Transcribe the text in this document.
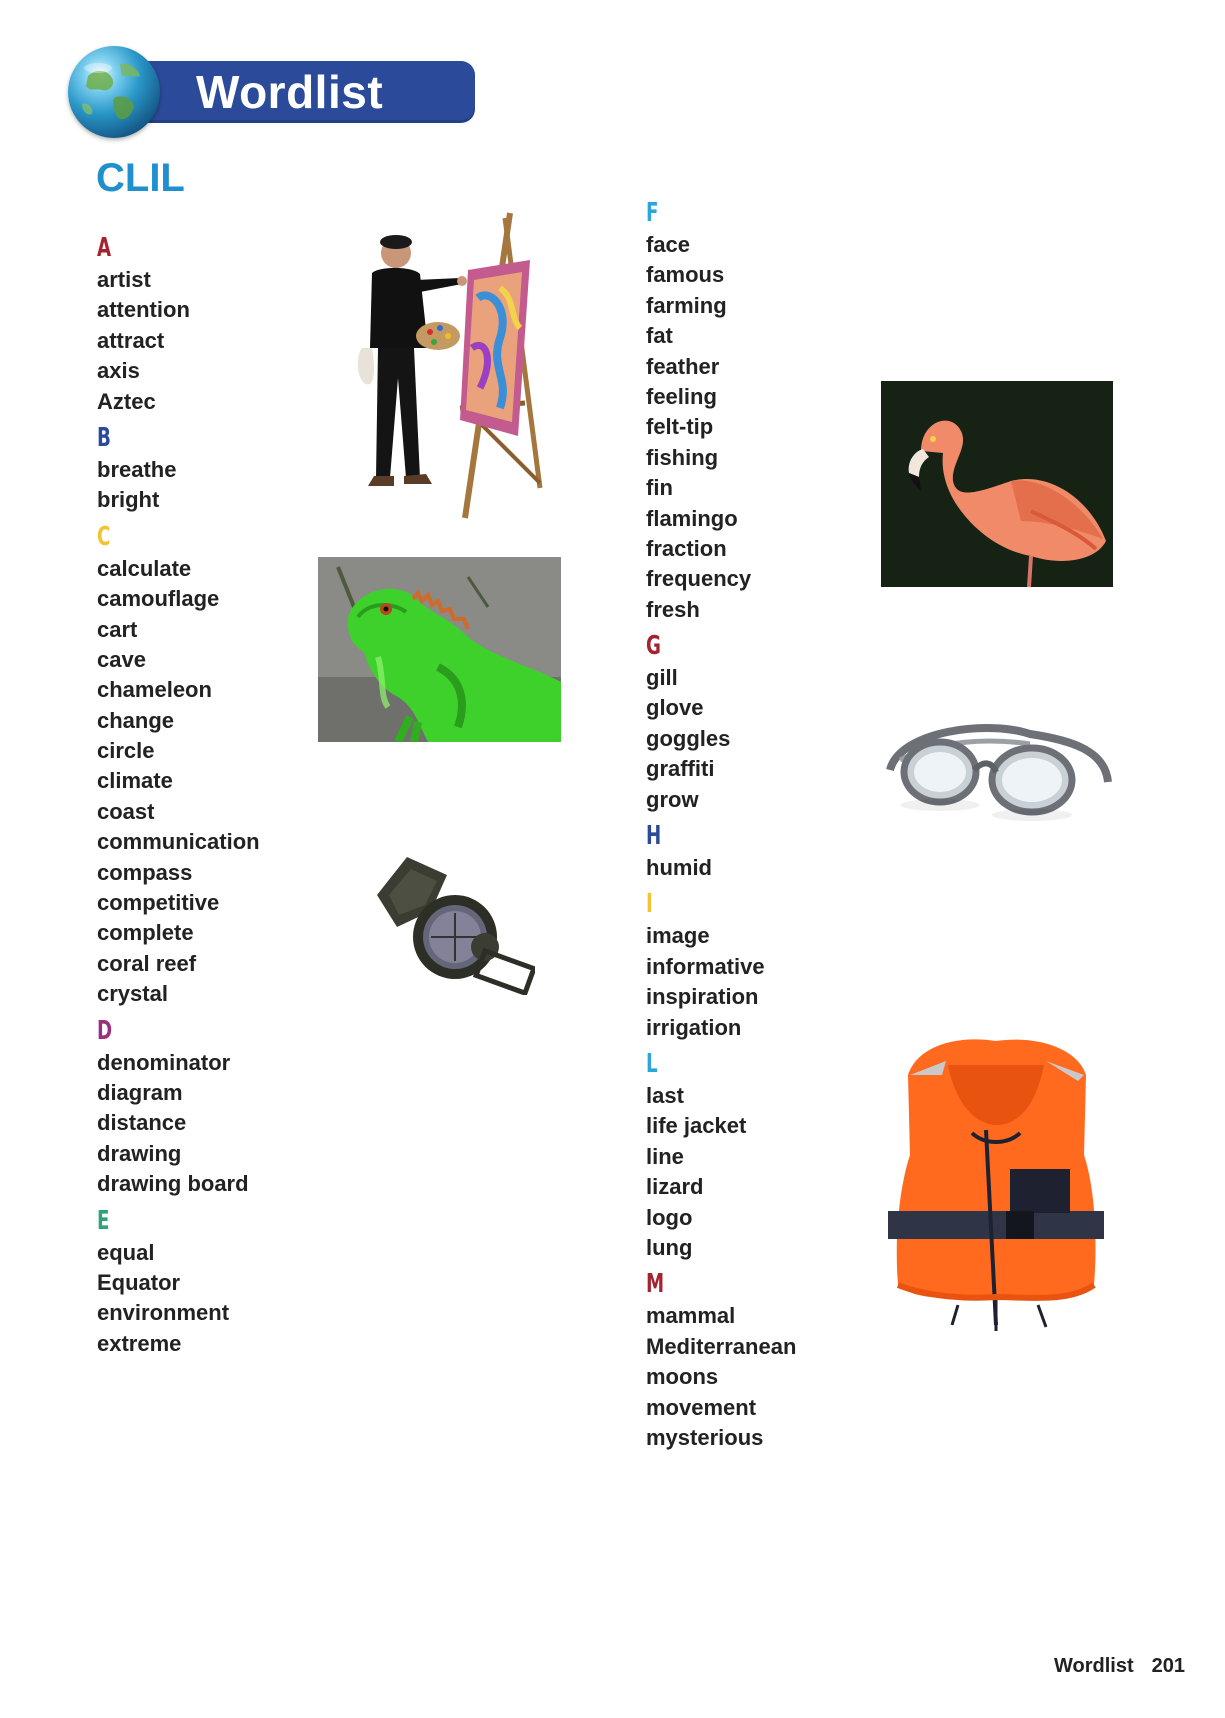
Wordlist
CLIL
A
artist
attention
attract
axis
Aztec
B
breathe
bright
C
calculate
camouflage
cart
cave
chameleon
change
circle
climate
coast
communication
compass
competitive
complete
coral reef
crystal
D
denominator
diagram
distance
drawing
drawing board
E
equal
Equator
environment
extreme
F
face
famous
farming
fat
feather
feeling
felt-tip
fishing
fin
flamingo
fraction
frequency
fresh
G
gill
glove
goggles
graffiti
grow
H
humid
I
image
informative
inspiration
irrigation
L
last
life jacket
line
lizard
logo
lung
M
mammal
Mediterranean
moons
movement
mysterious
Wordlist 201
